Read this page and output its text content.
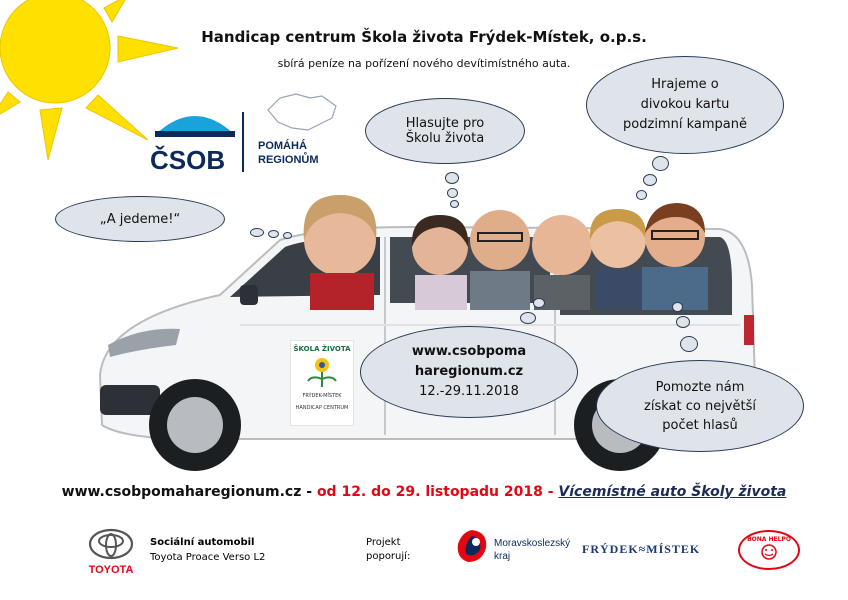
Handicap centrum Škola života Frýdek-Místek, o.p.s.
sbírá peníze na pořízení nového devítimístného auta.
ČSOB	POMÁHÁ
REGIONŮM
ŠKOLA ŽIVOTA
FRÝDEK-MÍSTEK
HANDICAP CENTRUM
„A jedeme!“
Hlasujte pro
Školu života
Hrajeme o
divokou kartu
podzimní kampaně
www.csobpoma
haregionum.cz
12.-29.11.2018	Pomozte nám
získat co největší
počet hlasů
www.csobpomaharegionum.cz - od 12. do 29. listopadu 2018 - Vícemístné auto Školy života
TOYOTA
Sociální automobil
Toyota Proace Verso L2
Projekt
poporují:
Moravskoslezský
kraj
FRÝDEK≈MÍSTEK
BONA HELPO
